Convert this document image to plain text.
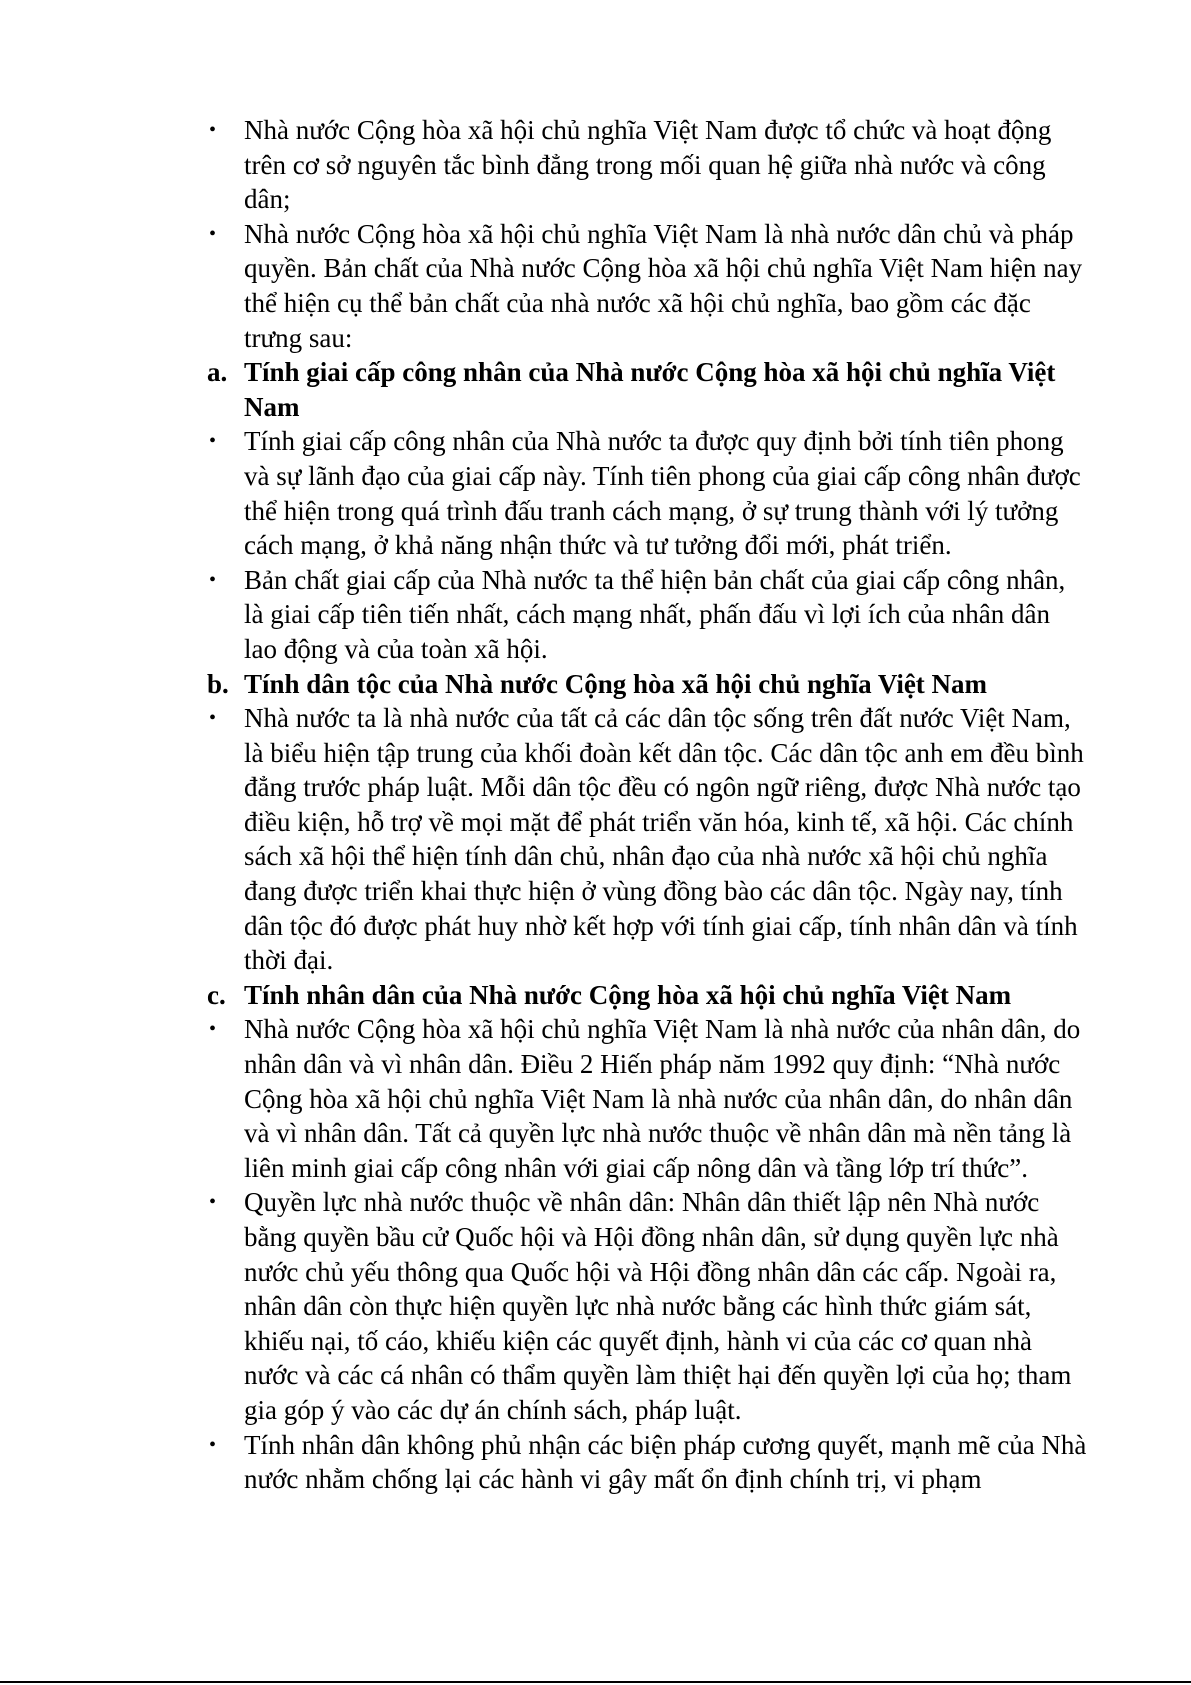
•	Nhà nước Cộng hòa xã hội chủ nghĩa Việt Nam được tổ chức và hoạt động trên cơ sở nguyên tắc bình đẳng trong mối quan hệ giữa nhà nước và công dân;
•	Nhà nước Cộng hòa xã hội chủ nghĩa Việt Nam là nhà nước dân chủ và pháp quyền. Bản chất của Nhà nước Cộng hòa xã hội chủ nghĩa Việt Nam hiện nay thể hiện cụ thể bản chất của nhà nước xã hội chủ nghĩa, bao gồm các đặc trưng sau:
a. Tính giai cấp công nhân của Nhà nước Cộng hòa xã hội chủ nghĩa Việt Nam
•	Tính giai cấp công nhân của Nhà nước ta được quy định bởi tính tiên phong và sự lãnh đạo của giai cấp này. Tính tiên phong của giai cấp công nhân được thể hiện trong quá trình đấu tranh cách mạng, ở sự trung thành với lý tưởng cách mạng, ở khả năng nhận thức và tư tưởng đổi mới, phát triển.
•	Bản chất giai cấp của Nhà nước ta thể hiện bản chất của giai cấp công nhân, là giai cấp tiên tiến nhất, cách mạng nhất, phấn đấu vì lợi ích của nhân dân lao động và của toàn xã hội.
b. Tính dân tộc của Nhà nước Cộng hòa xã hội chủ nghĩa Việt Nam
•	Nhà nước ta là nhà nước của tất cả các dân tộc sống trên đất nước Việt Nam, là biểu hiện tập trung của khối đoàn kết dân tộc. Các dân tộc anh em đều bình đẳng trước pháp luật. Mỗi dân tộc đều có ngôn ngữ riêng, được Nhà nước tạo điều kiện, hỗ trợ về mọi mặt để phát triển văn hóa, kinh tế, xã hội. Các chính sách xã hội thể hiện tính dân chủ, nhân đạo của nhà nước xã hội chủ nghĩa đang được triển khai thực hiện ở vùng đồng bào các dân tộc. Ngày nay, tính dân tộc đó được phát huy nhờ kết hợp với tính giai cấp, tính nhân dân và tính thời đại.
c. Tính nhân dân của Nhà nước Cộng hòa xã hội chủ nghĩa Việt Nam
•	Nhà nước Cộng hòa xã hội chủ nghĩa Việt Nam là nhà nước của nhân dân, do nhân dân và vì nhân dân. Điều 2 Hiến pháp năm 1992 quy định: “Nhà nước Cộng hòa xã hội chủ nghĩa Việt Nam là nhà nước của nhân dân, do nhân dân và vì nhân dân. Tất cả quyền lực nhà nước thuộc về nhân dân mà nền tảng là liên minh giai cấp công nhân với giai cấp nông dân và tầng lớp trí thức”.
•	Quyền lực nhà nước thuộc về nhân dân: Nhân dân thiết lập nên Nhà nước bằng quyền bầu cử Quốc hội và Hội đồng nhân dân, sử dụng quyền lực nhà nước chủ yếu thông qua Quốc hội và Hội đồng nhân dân các cấp. Ngoài ra, nhân dân còn thực hiện quyền lực nhà nước bằng các hình thức giám sát, khiếu nại, tố cáo, khiếu kiện các quyết định, hành vi của các cơ quan nhà nước và các cá nhân có thẩm quyền làm thiệt hại đến quyền lợi của họ; tham gia góp ý vào các dự án chính sách, pháp luật.
•	Tính nhân dân không phủ nhận các biện pháp cương quyết, mạnh mẽ của Nhà nước nhằm chống lại các hành vi gây mất ổn định chính trị, vi phạm
